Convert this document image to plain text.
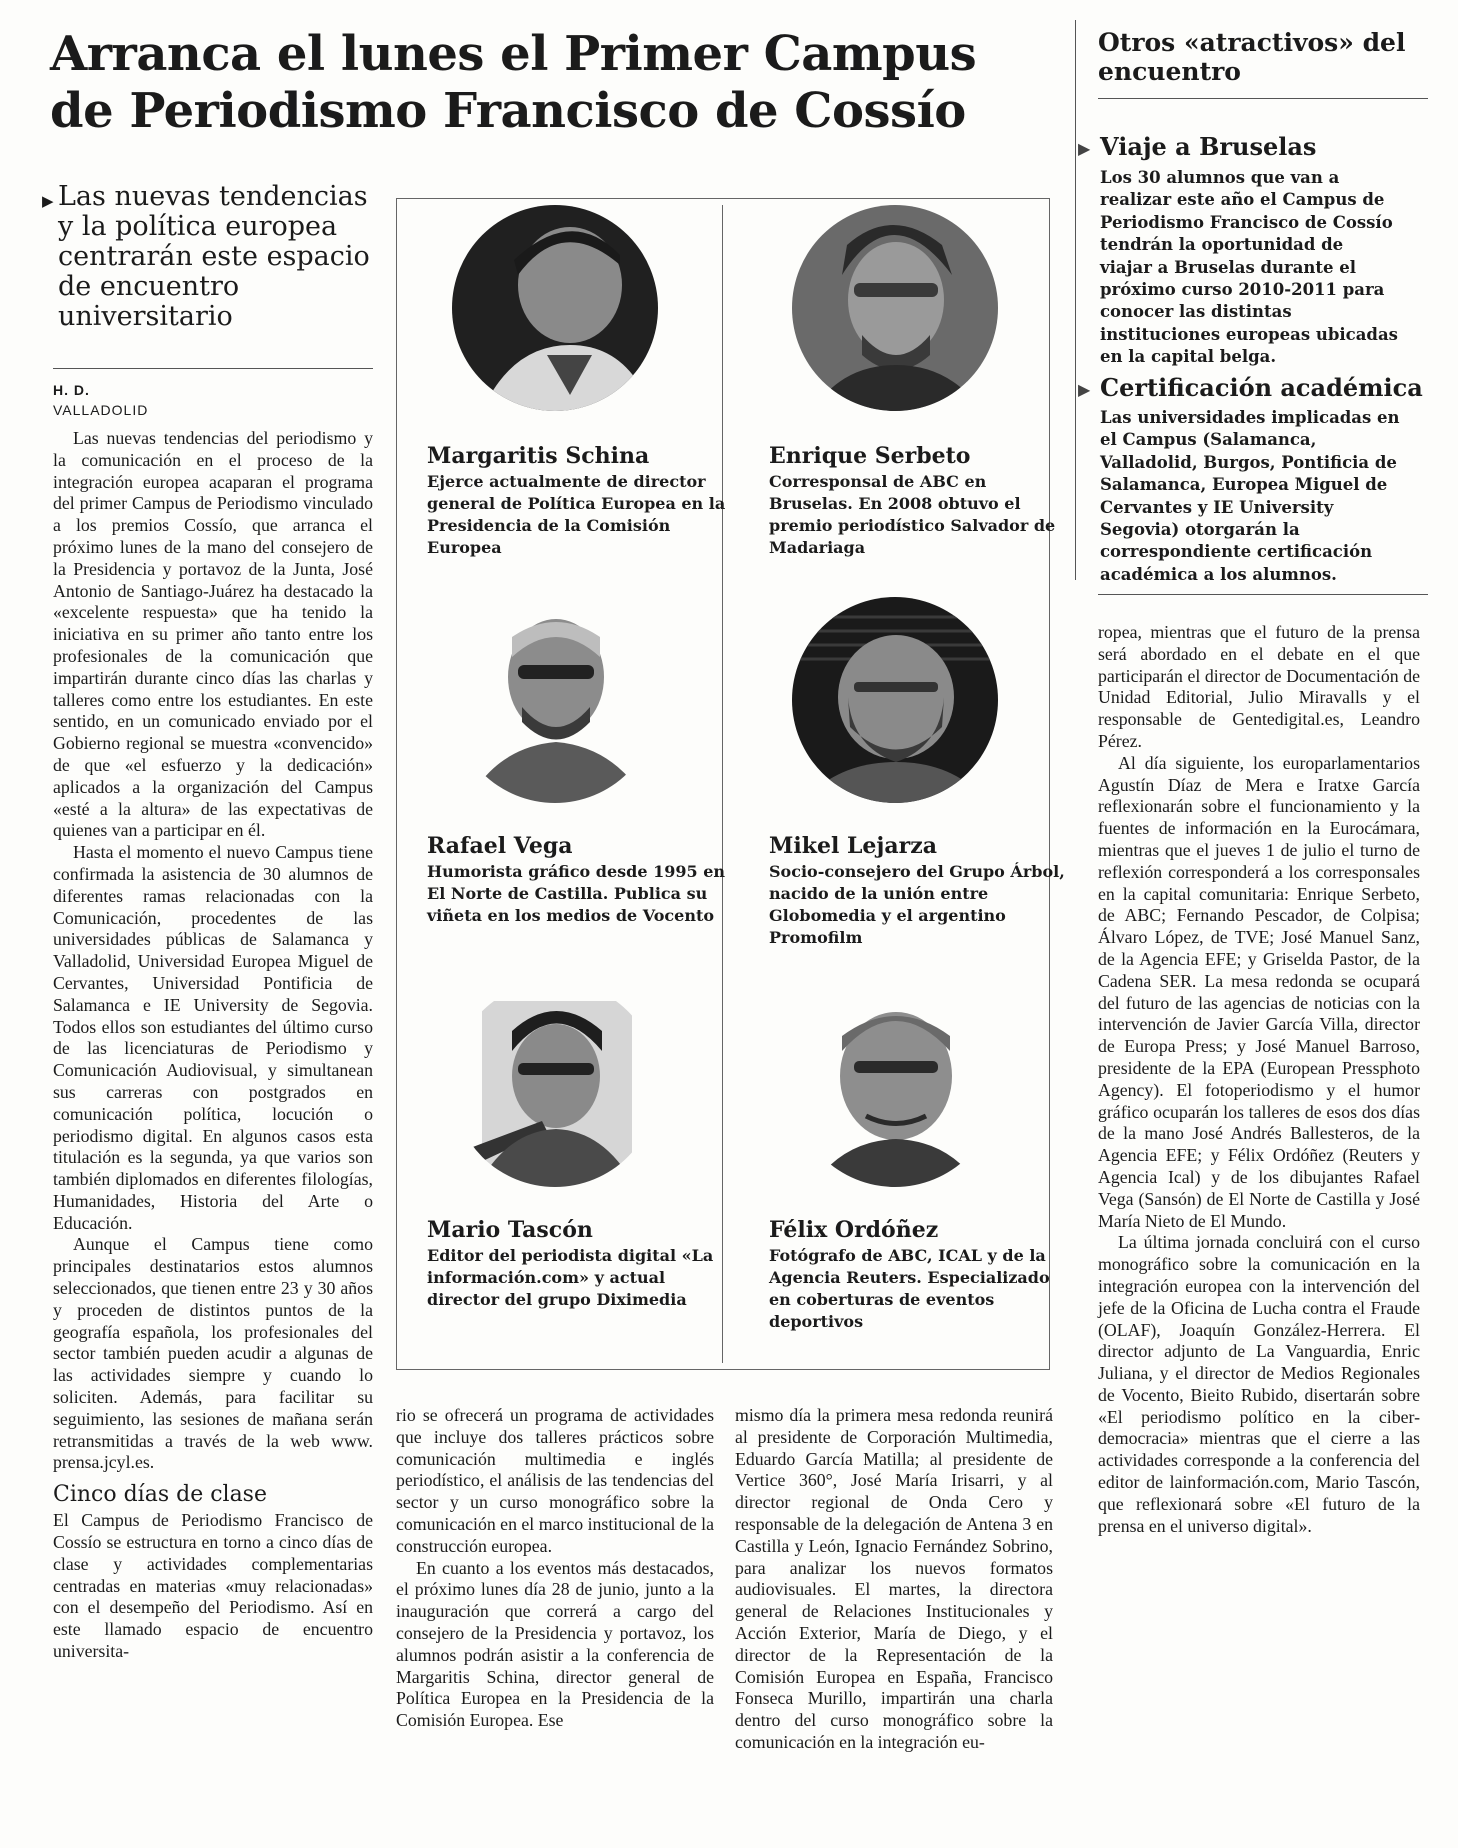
Arranca el lunes el Primer Campus
de Periodismo Francisco de Cossío
▶ Las nuevas tendencias y la política europea centrarán este espacio de encuentro universitario
H. D.
VALLADOLID

Las nuevas tendencias del periodismo y la comunicación en el proceso de la integración europea acaparan el programa del primer Campus de Periodismo vinculado a los premios Cossío, que arranca el próximo lunes de la mano del consejero de la Presidencia y portavoz de la Junta, José Antonio de Santiago-Juárez ha destacado la «excelente respuesta» que ha tenido la iniciativa en su primer año tanto entre los profesionales de la comunicación que impartirán durante cinco días las charlas y talleres como entre los estudiantes. En este sentido, en un comunicado enviado por el Gobierno regional se muestra «convencido» de que «el esfuerzo y la dedicación» aplicados a la organización del Campus «esté a la altura» de las expectativas de quienes van a participar en él.

Hasta el momento el nuevo Campus tiene confirmada la asistencia de 30 alumnos de diferentes ramas relacionadas con la Comunicación, procedentes de las universidades públicas de Salamanca y Valladolid, Universidad Europea Miguel de Cervantes, Universidad Pontificia de Salamanca e IE University de Segovia. Todos ellos son estudiantes del último curso de las licenciaturas de Periodismo y Comunicación Audiovisual, y simultanean sus carreras con postgrados en comunicación política, locución o periodismo digital. En algunos casos esta titulación es la segunda, ya que varios son también diplomados en diferentes filologías, Humanidades, Historia del Arte o Educación.

Aunque el Campus tiene como principales destinatarios estos alumnos seleccionados, que tienen entre 23 y 30 años y proceden de distintos puntos de la geografía española, los profesionales del sector también pueden acudir a algunas de las actividades siempre y cuando lo soliciten. Además, para facilitar su seguimiento, las sesiones de mañana serán retransmitidas a través de la web www. prensa.jcyl.es.

Cinco días de clase

El Campus de Periodismo Francisco de Cossío se estructura en torno a cinco días de clase y actividades complementarias centradas en materias «muy relacionadas» con el desempeño del Periodismo. Así en este llamado espacio de encuentro universita-

Margaritis Schina
Ejerce actualmente de director general de Política Europea en la Presidencia de la Comisión Europea
Enrique Serbeto
Corresponsal de ABC en Bruselas. En 2008 obtuvo el premio periodístico Salvador de Madariaga
Rafael Vega
Humorista gráfico desde 1995 en El Norte de Castilla. Publica su viñeta en los medios de Vocento
Mikel Lejarza
Socio-consejero del Grupo Árbol, nacido de la unión entre Globomedia y el argentino Promofilm
Mario Tascón
Editor del periodista digital «La información.com» y actual director del grupo Diximedia
Félix Ordóñez
Fotógrafo de ABC, ICAL y de la Agencia Reuters. Especializado en coberturas de eventos deportivos

rio se ofrecerá un programa de actividades que incluye dos talleres prácticos sobre comunicación multimedia e inglés periodístico, el análisis de las tendencias del sector y un curso monográfico sobre la comunicación en el marco institucional de la construcción europea.

En cuanto a los eventos más destacados, el próximo lunes día 28 de junio, junto a la inauguración que correrá a cargo del consejero de la Presidencia y portavoz, los alumnos podrán asistir a la conferencia de Margaritis Schina, director general de Política Europea en la Presidencia de la Comisión Europea. Ese

mismo día la primera mesa redonda reunirá al presidente de Corporación Multimedia, Eduardo García Matilla; al presidente de Vertice 360°, José María Irisarri, y al director regional de Onda Cero y responsable de la delegación de Antena 3 en Castilla y León, Ignacio Fernández Sobrino, para analizar los nuevos formatos audiovisuales. El martes, la directora general de Relaciones Institucionales y Acción Exterior, María de Diego, y el director de la Representación de la Comisión Europea en España, Francisco Fonseca Murillo, impartirán una charla dentro del curso monográfico sobre la comunicación en la integración eu-

Otros «atractivos» del encuentro
▶ Viaje a Bruselas
Los 30 alumnos que van a realizar este año el Campus de Periodismo Francisco de Cossío tendrán la oportunidad de viajar a Bruselas durante el próximo curso 2010-2011 para conocer las distintas instituciones europeas ubicadas en la capital belga.
▶ Certificación académica
Las universidades implicadas en el Campus (Salamanca, Valladolid, Burgos, Pontificia de Salamanca, Europea Miguel de Cervantes y IE University Segovia) otorgarán la correspondiente certificación académica a los alumnos.

ropea, mientras que el futuro de la prensa será abordado en el debate en el que participarán el director de Documentación de Unidad Editorial, Julio Miravalls y el responsable de Gentedigital.es, Leandro Pérez.

Al día siguiente, los europarlamentarios Agustín Díaz de Mera e Iratxe García reflexionarán sobre el funcionamiento y la fuentes de información en la Eurocámara, mientras que el jueves 1 de julio el turno de reflexión corresponderá a los corresponsales en la capital comunitaria: Enrique Serbeto, de ABC; Fernando Pescador, de Colpisa; Álvaro López, de TVE; José Manuel Sanz, de la Agencia EFE; y Griselda Pastor, de la Cadena SER. La mesa redonda se ocupará del futuro de las agencias de noticias con la intervención de Javier García Villa, director de Europa Press; y José Manuel Barroso, presidente de la EPA (European Pressphoto Agency). El fotoperiodismo y el humor gráfico ocuparán los talleres de esos dos días de la mano José Andrés Ballesteros, de la Agencia EFE; y Félix Ordóñez (Reuters y Agencia Ical) y de los dibujantes Rafael Vega (Sansón) de El Norte de Castilla y José María Nieto de El Mundo.

La última jornada concluirá con el curso monográfico sobre la comunicación en la integración europea con la intervención del jefe de la Oficina de Lucha contra el Fraude (OLAF), Joaquín González-Herrera. El director adjunto de La Vanguardia, Enric Juliana, y el director de Medios Regionales de Vocento, Bieito Rubido, disertarán sobre «El periodismo político en la ciber-democracia» mientras que el cierre a las actividades corresponde a la conferencia del editor de lainformación.com, Mario Tascón, que reflexionará sobre «El futuro de la prensa en el universo digital».
